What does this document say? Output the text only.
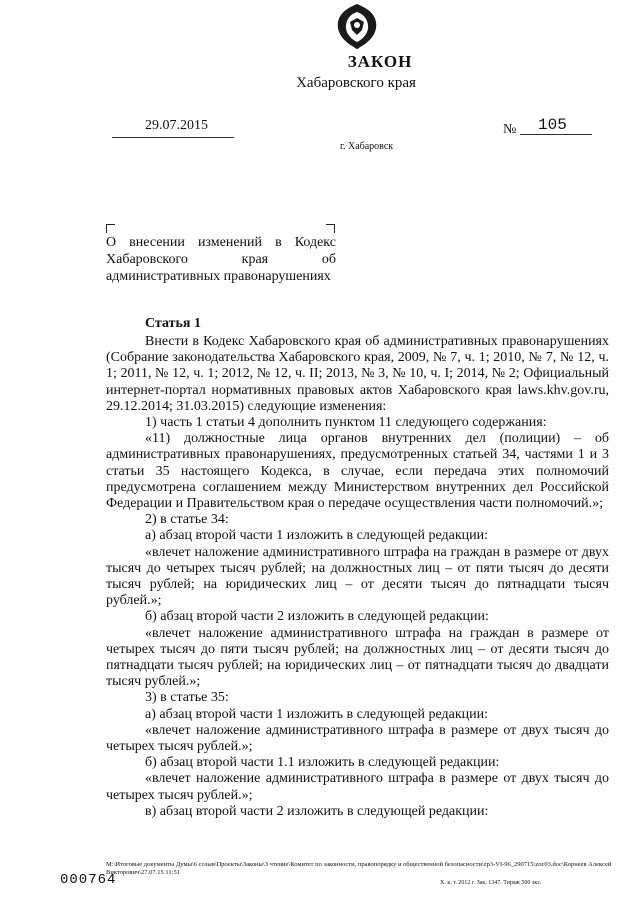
ЗАКОН
Хабаровского края
29.07.2015	№ 105
г. Хабаровск
О внесении изменений в Кодекс
Хабаровского	края	об
административных правонарушениях
Статья 1

Внести в Кодекс Хабаровского края об административных правонарушениях (Собрание законодательства Хабаровского края, 2009, № 7, ч. 1; 2010, № 7, № 12, ч. 1; 2011, № 12, ч. 1; 2012, № 12, ч. II; 2013, № 3, № 10, ч. I; 2014, № 2; Официальный интернет-портал нормативных правовых актов Хабаровского края laws.khv.gov.ru, 29.12.2014; 31.03.2015) следующие изменения:

1) часть 1 статьи 4 дополнить пунктом 11 следующего содержания:

«11) должностные лица органов внутренних дел (полиции) – об административных правонарушениях, предусмотренных статьей 34, частями 1 и 3 статьи 35 настоящего Кодекса, в случае, если передача этих полномочий предусмотрена соглашением между Министерством внутренних дел Российской Федерации и Правительством края о передаче осуществления части полномочий.»;

2) в статье 34:

а) абзац второй части 1 изложить в следующей редакции:

«влечет наложение административного штрафа на граждан в размере от двух тысяч до четырех тысяч рублей; на должностных лиц – от пяти тысяч до десяти тысяч рублей; на юридических лиц – от десяти тысяч до пятнадцати тысяч рублей.»;

б) абзац второй части 2 изложить в следующей редакции:

«влечет наложение административного штрафа на граждан в размере от четырех тысяч до пяти тысяч рублей; на должностных лиц – от десяти тысяч до пятнадцати тысяч рублей; на юридических лиц – от пятнадцати тысяч до двадцати тысяч рублей.»;

3) в статье 35:

а) абзац второй части 1 изложить в следующей редакции:

«влечет наложение административного штрафа в размере от двух тысяч до четырех тысяч рублей.»;

б) абзац второй части 1.1 изложить в следующей редакции:

«влечет наложение административного штрафа в размере от двух тысяч до четырех тысяч рублей.»;

в) абзац второй части 2 изложить в следующей редакции:

M:\Итоговые документы Думы\6 созыв\Проекты\Законы\3 чтение\Комитет по законности, правопорядку и общественной безопасности\zp3-VI-96_290715\zoc03.doc\Корнеев Алексей Викторович\27.07.15 11:51
Х. к. т. 2012 г. Зак. 1347. Тираж 500 экз.
000764
